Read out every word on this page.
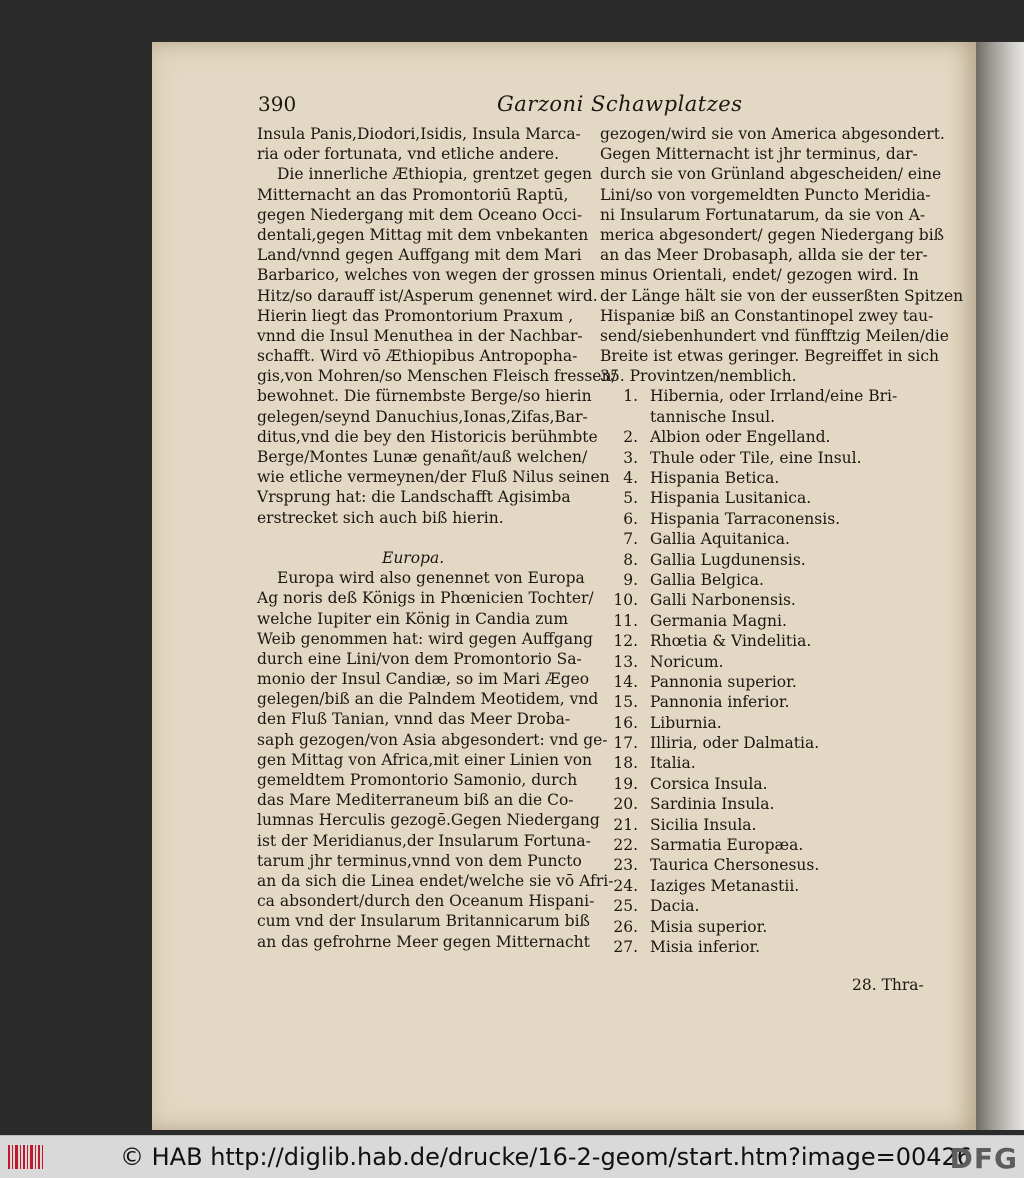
390	Garzoni Schawplatzes
Insula Panis,Diodori,Isidis, Insula Marca-
ria oder fortunata, vnd etliche andere.
Die innerliche Æthiopia, grentzet gegen
Mitternacht an das Promontoriū Raptū,
gegen Niedergang mit dem Oceano Occi-
dentali,gegen Mittag mit dem vnbekanten
Land/vnnd gegen Auffgang mit dem Mari
Barbarico, welches von wegen der grossen
Hitz/so darauff ist/Asperum genennet wird.
Hierin liegt das Promontorium Praxum ,
vnnd die Insul Menuthea in der Nachbar-
schafft. Wird vō Æthiopibus Antropopha-
gis,von Mohren/so Menschen Fleisch fressen/
bewohnet. Die fürnembste Berge/so hierin
gelegen/seynd Danuchius,Ionas,Zifas,Bar-
ditus,vnd die bey den Historicis berühmbte
Berge/Montes Lunæ genañt/auß welchen/
wie etliche vermeynen/der Fluß Nilus seinen
Vrsprung hat: die Landschafft Agisimba
erstrecket sich auch biß hierin.
Europa.
Europa wird also genennet von Europa
Ag noris deß Königs in Phœnicien Tochter/
welche Iupiter ein König in Candia zum
Weib genommen hat: wird gegen Auffgang
durch eine Lini/von dem Promontorio Sa-
monio der Insul Candiæ, so im Mari Ægeo
gelegen/biß an die Palndem Meotidem, vnd
den Fluß Tanian, vnnd das Meer Droba-
saph gezogen/von Asia abgesondert: vnd ge-
gen Mittag von Africa,mit einer Linien von
gemeldtem Promontorio Samonio, durch
das Mare Mediterraneum biß an die Co-
lumnas Herculis gezogē.Gegen Niedergang
ist der Meridianus,der Insularum Fortuna-
tarum jhr terminus,vnnd von dem Puncto
an da sich die Linea endet/welche sie vō Afri-
ca absondert/durch den Oceanum Hispani-
cum vnd der Insularum Britannicarum biß
an das gefrohrne Meer gegen Mitternacht
gezogen/wird sie von America abgesondert.
Gegen Mitternacht ist jhr terminus, dar-
durch sie von Grünland abgescheiden/ eine
Lini/so von vorgemeldten Puncto Meridia-
ni Insularum Fortunatarum, da sie von A-
merica abgesondert/ gegen Niedergang biß
an das Meer Drobasaph, allda sie der ter-
minus Orientali, endet/ gezogen wird. In
der Länge hält sie von der eusserßten Spitzen
Hispaniæ biß an Constantinopel zwey tau-
send/siebenhundert vnd fünfftzig Meilen/die
Breite ist etwas geringer. Begreiffet in sich
35. Provintzen/nemblich.
1. Hibernia, oder Irrland/eine Bri-
tannische Insul.
2. Albion oder Engelland.
3. Thule oder Tile, eine Insul.
4. Hispania Betica.
5. Hispania Lusitanica.
6. Hispania Tarraconensis.
7. Gallia Aquitanica.
8. Gallia Lugdunensis.
9. Gallia Belgica.
10. Galli Narbonensis.
11. Germania Magni.
12. Rhœtia & Vindelitia.
13. Noricum.
14. Pannonia superior.
15. Pannonia inferior.
16. Liburnia.
17. Illiria, oder Dalmatia.
18. Italia.
19. Corsica Insula.
20. Sardinia Insula.
21. Sicilia Insula.
22. Sarmatia Europæa.
23. Taurica Chersonesus.
24. Iaziges Metanastii.
25. Dacia.
26. Misia superior.
27. Misia inferior.
28. Thra-
© HAB http://diglib.hab.de/drucke/16-2-geom/start.htm?image=00426
DFG
